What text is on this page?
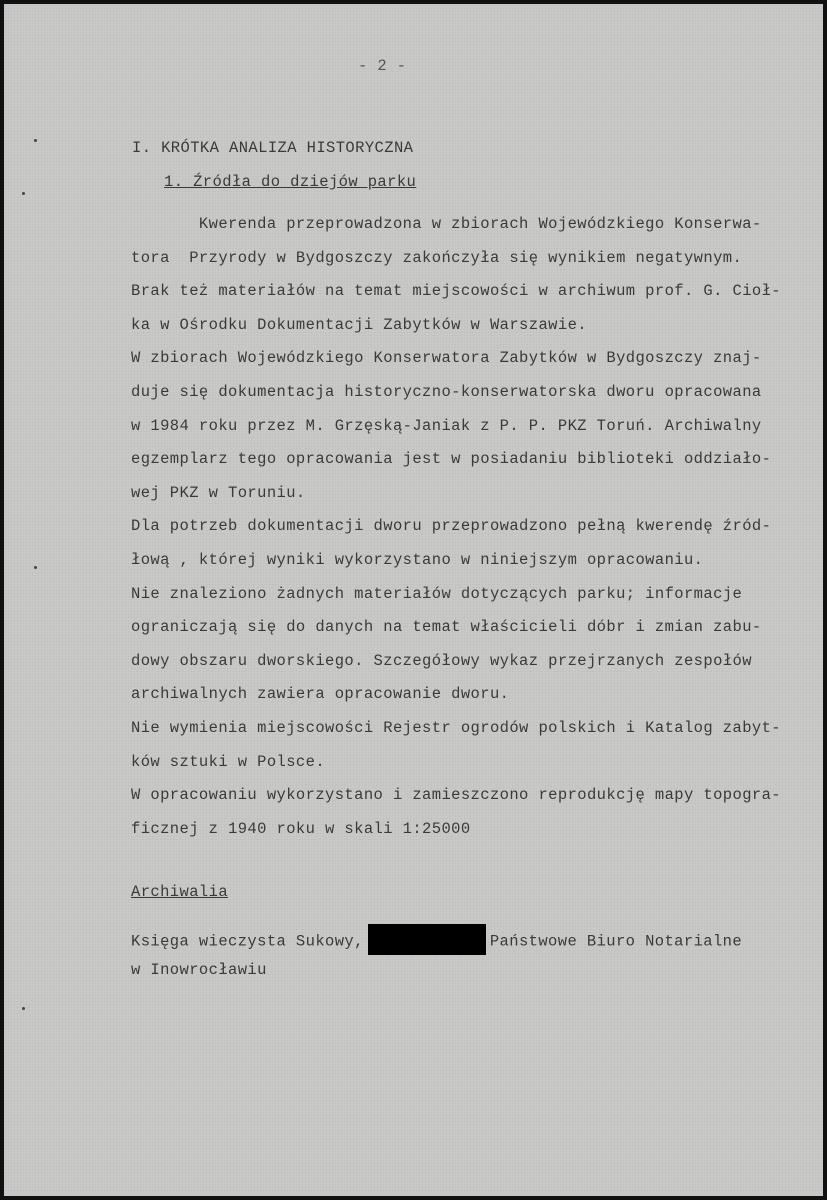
- 2 -
I. KRÓTKA ANALIZA HISTORYCZNA
1. Źródła do dziejów parku
Kwerenda przeprowadzona w zbiorach Wojewódzkiego Konserwa-
tora  Przyrody w Bydgoszczy zakończyła się wynikiem negatywnym.
Brak też materiałów na temat miejscowości w archiwum prof. G. Cioł-
ka w Ośrodku Dokumentacji Zabytków w Warszawie.
W zbiorach Wojewódzkiego Konserwatora Zabytków w Bydgoszczy znaj-
duje się dokumentacja historyczno-konserwatorska dworu opracowana
w 1984 roku przez M. Grzęską-Janiak z P. P. PKZ Toruń. Archiwalny
egzemplarz tego opracowania jest w posiadaniu biblioteki oddziało-
wej PKZ w Toruniu.
Dla potrzeb dokumentacji dworu przeprowadzono pełną kwerendę źród-
łową , której wyniki wykorzystano w niniejszym opracowaniu.
Nie znaleziono żadnych materiałów dotyczących parku; informacje
ograniczają się do danych na temat właścicieli dóbr i zmian zabu-
dowy obszaru dworskiego. Szczegółowy wykaz przejrzanych zespołów
archiwalnych zawiera opracowanie dworu.
Nie wymienia miejscowości Rejestr ogrodów polskich i Katalog zabyt-
ków sztuki w Polsce.
W opracowaniu wykorzystano i zamieszczono reprodukcję mapy topogra-
ficznej z 1940 roku w skali 1:25000
Archiwalia
Księga wieczysta Sukowy,	Państwowe Biuro Notarialne
w Inowrocławiu
